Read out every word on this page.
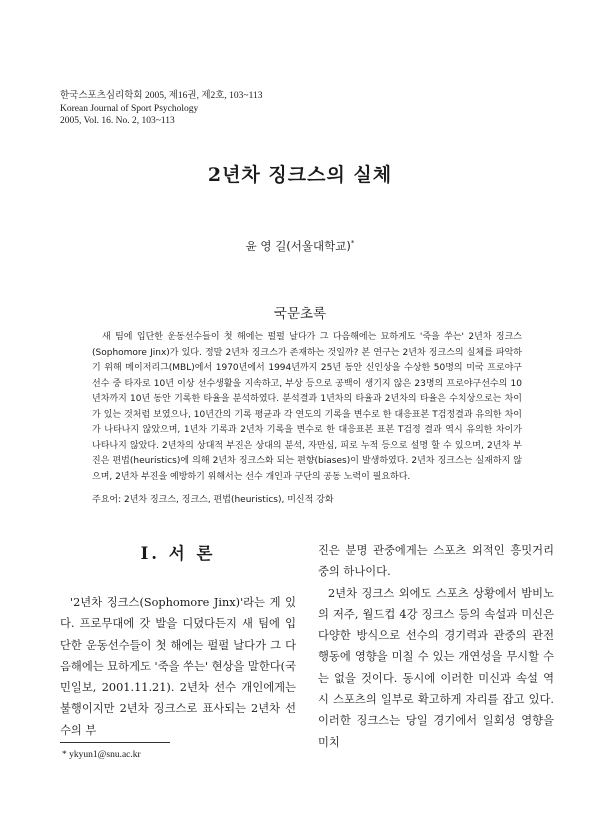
한국스포츠심리학회 2005, 제16권, 제2호, 103~113
Korean Journal of Sport Psychology
2005, Vol. 16. No. 2, 103~113
2년차 징크스의 실체
윤 영 길(서울대학교)*
국문초록

새 팀에 입단한 운동선수들이 첫 해에는 펄펄 날다가 그 다음해에는 묘하게도 '죽을 쑤는' 2년차 징크스(Sophomore Jinx)가 있다. 정말 2년차 징크스가 존재하는 것일까? 본 연구는 2년차 징크스의 실체를 파악하기 위해 메이저리그(MBL)에서 1970년에서 1994년까지 25년 동안 신인상을 수상한 50명의 미국 프로야구선수 중 타자로 10년 이상 선수생활을 지속하고, 부상 등으로 공백이 생기지 않은 23명의 프로야구선수의 10년차까지 10년 동안 기록한 타율을 분석하였다. 분석결과 1년차의 타율과 2년차의 타율은 수치상으로는 차이가 있는 것처럼 보였으나, 10년간의 기록 평균과 각 연도의 기록을 변수로 한 대응표본 T검정결과 유의한 차이가 나타나지 않았으며, 1년차 기록과 2년차 기록을 변수로 한 대응표본 표본 T검정 결과 역시 유의한 차이가 나타나지 않았다. 2년차의 상대적 부진은 상대의 분석, 자만심, 피로 누적 등으로 설명 할 수 있으며, 2년차 부진은 편법(heuristics)에 의해 2년차 징크스화 되는 편향(biases)이 발생하였다. 2년차 징크스는 실재하지 않으며, 2년차 부진을 예방하기 위해서는 선수 개인과 구단의 공동 노력이 필요하다.

주요어: 2년차 징크스, 징크스, 편법(heuristics), 미신적 강화
Ⅰ. 서 론

'2년차 징크스(Sophomore Jinx)'라는 게 있다. 프로무대에 갓 발을 디뎠다든지 새 팀에 입단한 운동선수들이 첫 해에는 펄펄 날다가 그 다음해에는 묘하게도 '죽을 쑤는' 현상을 말한다(국민일보, 2001.11.21). 2년차 선수 개인에게는 불행이지만 2년차 징크스로 표사되는 2년차 선수의 부

진은 분명 관중에게는 스포츠 외적인 흥밋거리 중의 하나이다.

2년차 징크스 외에도 스포츠 상황에서 밤비노의 저주, 월드컵 4강 징크스 등의 속설과 미신은 다양한 방식으로 선수의 경기력과 관중의 관전행동에 영향을 미칠 수 있는 개연성을 무시할 수는 없을 것이다. 동시에 이러한 미신과 속설 역시 스포츠의 일부로 확고하게 자리를 잡고 있다. 이러한 징크스는 당일 경기에서 일회성 영향을 미치

* ykyun1@snu.ac.kr
